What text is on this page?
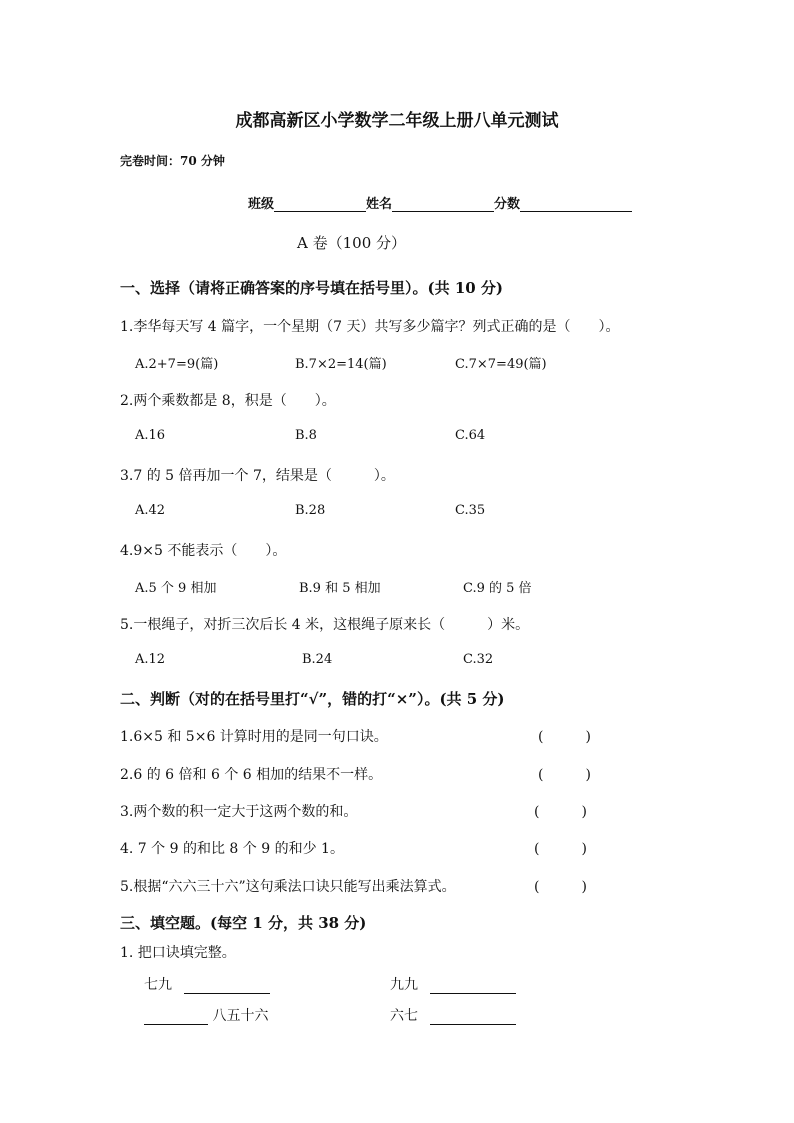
成都高新区小学数学二年级上册八单元测试
完卷时间：70 分钟
班级	姓名	分数
A 卷（100 分）
一、选择（请将正确答案的序号填在括号里）。(共 10 分)
1.李华每天写 4 篇字，一个星期（7 天）共写多少篇字？列式正确的是（　　）。
A.2+7=9(篇)	B.7×2=14(篇)	C.7×7=49(篇)
2.两个乘数都是 8，积是（　　）。
A.16	B.8	C.64
3.7 的 5 倍再加一个 7，结果是（　　　）。
A.42	B.28	C.35
4.9×5 不能表示（　　）。
A.5 个 9 相加	B.9 和 5 相加	C.9 的 5 倍
5.一根绳子，对折三次后长 4 米，这根绳子原来长（　　　）米。
A.12	B.24	C.32
二、判断（对的在括号里打“√”，错的打“×”）。(共 5 分)
1.6×5 和 5×6 计算时用的是同一句口诀。	(　　　)
2.6 的 6 倍和 6 个 6 相加的结果不一样。	(　　　)
3.两个数的积一定大于这两个数的和。	(　　　)
4. 7 个 9 的和比 8 个 9 的和少 1。	(　　　)
5.根据“六六三十六”这句乘法口诀只能写出乘法算式。	(　　　)
三、填空题。(每空 1 分，共 38 分)
1. 把口诀填完整。
七九	九九
八五十六	六七
